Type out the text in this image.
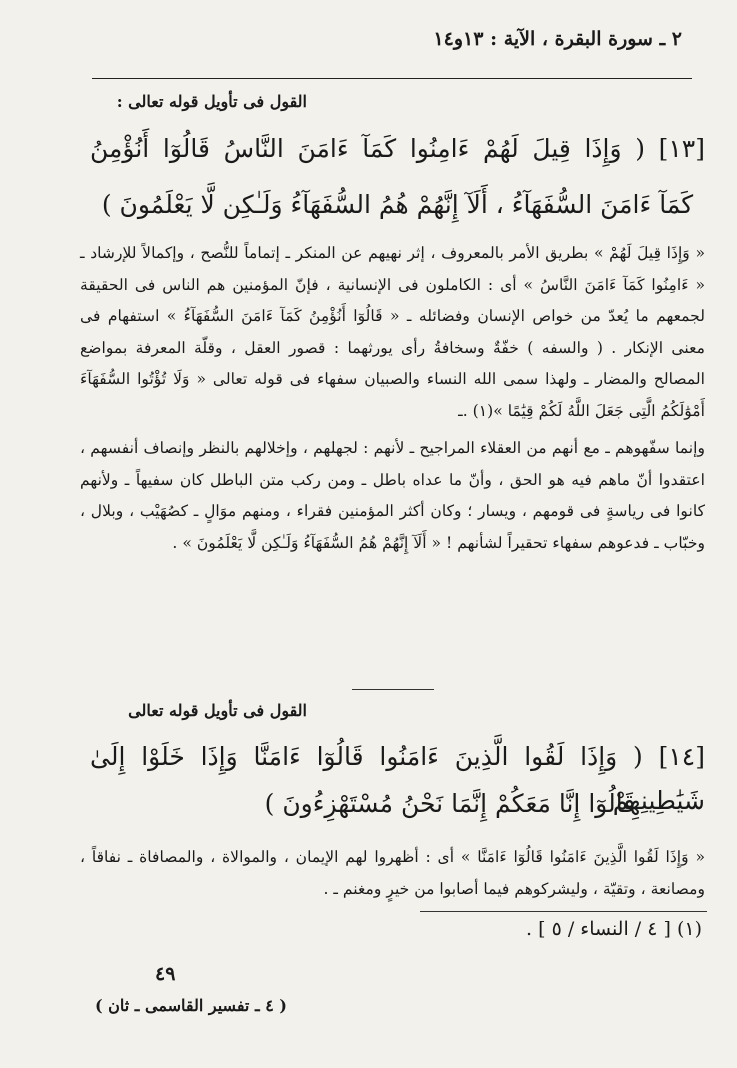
٢ ـ سورة البقرة ، الآية : ١٣و١٤
القول فى تأويل قوله تعالى :
[١٣] ( وَإِذَا قِيلَ لَهُمْ ءَامِنُوا كَمَآ ءَامَنَ النَّاسُ قَالُوٓا أَنُؤْمِنُ
كَمَآ ءَامَنَ السُّفَهَآءُ ، أَلَآ إِنَّهُمْ هُمُ السُّفَهَآءُ وَلَـٰكِن لَّا يَعْلَمُونَ )

« وَإِذَا قِيلَ لَهُمْ » بطريق الأمر بالمعروف ، إثر نهيهم عن المنكر ـ إتماماً للنُّصح ، وإكمالاً للإرشاد ـ « ءَامِنُوا كَمَآ ءَامَنَ النَّاسُ » أى : الكاملون فى الإنسانية ، فإنّ المؤمنين هم الناس فى الحقيقة لجمعهم ما يُعدّ من خواص الإنسان وفضائله ـ « قَالُوٓا أَنُؤْمِنُ كَمَآ ءَامَنَ السُّفَهَآءُ » استفهام فى معنى الإنكار . ( والسفه ) خفّةٌ وسخافةُ رأى يورثهما : قصور العقل ، وقلّة المعرفة بمواضع المصالح والمضار ـ ولهذا سمى الله النساء والصبيان سفهاء فى قوله تعالى « وَلَا تُؤْتُوا السُّفَهَآءَ أَمْوَٰلَكُمُ الَّتِى جَعَلَ اللَّهُ لَكُمْ قِيَٰمًا »(١) .ـ

وإنما سفّهوهم ـ مع أنهم من العقلاء المراجيح ـ لأنهم : لجهلهم ، وإخلالهم بالنظر وإنصاف أنفسهم ، اعتقدوا أنّ ماهم فيه هو الحق ، وأنّ ما عداه باطل ـ ومن ركب متن الباطل كان سفيهاً ـ ولأنهم كانوا فى رياسةٍ فى قومهم ، ويسار ؛ وكان أكثر المؤمنين فقراء ، ومنهم موَالٍ ـ كصُهَيْب ، وبلال ، وخبّاب ـ فدعوهم سفهاء تحقيراً لشأنهم ! « أَلَآ إِنَّهُمْ هُمُ السُّفَهَآءُ وَلَـٰكِن لَّا يَعْلَمُونَ » .

القول فى تأويل قوله تعالى
[١٤] ( وَإِذَا لَقُوا الَّذِينَ ءَامَنُوا قَالُوٓا ءَامَنَّا وَإِذَا خَلَوْا إِلَىٰ شَيَٰطِينِهِمْ
قَالُوٓا إِنَّا مَعَكُمْ إِنَّمَا نَحْنُ مُسْتَهْزِءُونَ )

« وَإِذَا لَقُوا الَّذِينَ ءَامَنُوا قَالُوٓا ءَامَنَّا » أى : أظهروا لهم الإيمان ، والموالاة ، والمصافاة ـ نفاقاً ، ومصانعة ، وتقيّة ، وليشركوهم فيما أصابوا من خيرٍ ومغنم ـ .

(١) [ ٤ / النساء / ٥ ] .
٤٩
( ٤ ـ تفسير القاسمى ـ ثان )
